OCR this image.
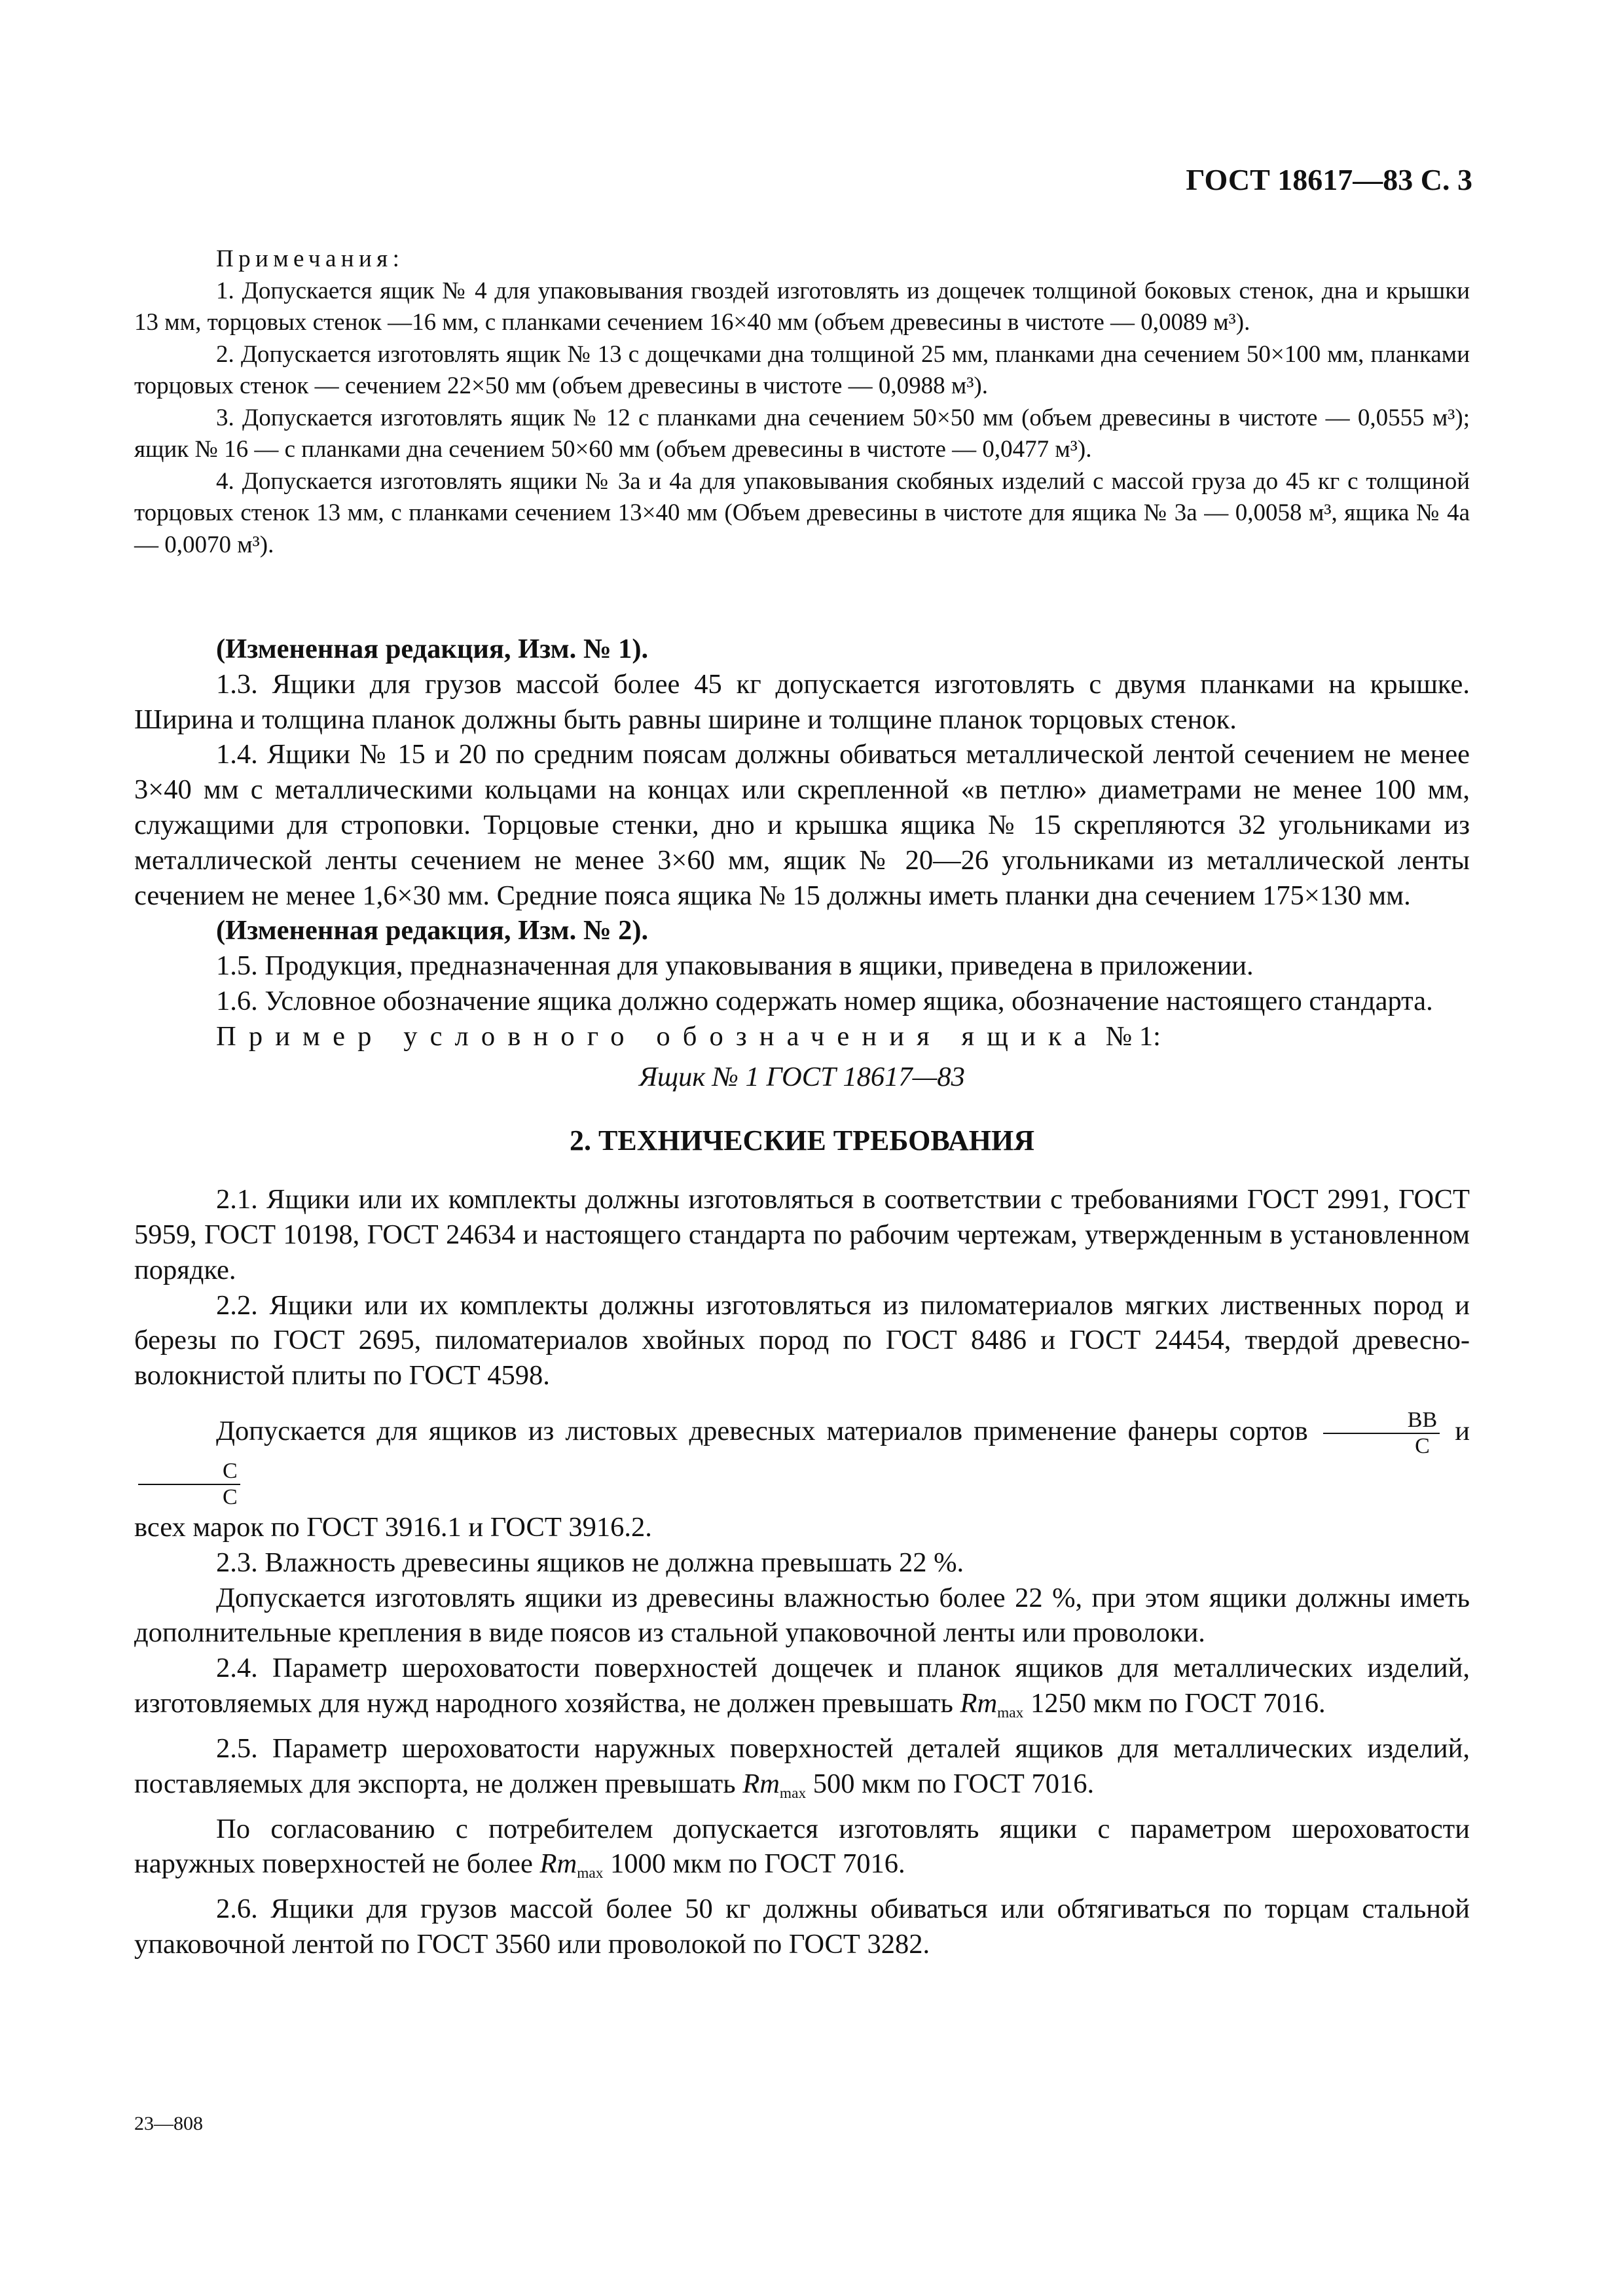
ГОСТ 18617—83 С. 3

Примечания:

1. Допускается ящик № 4 для упаковывания гвоздей изготовлять из дощечек толщиной боковых стенок, дна и крышки 13 мм, торцовых стенок —16 мм, с планками сечением 16×40 мм (объем древесины в чистоте — 0,0089 м³).

2. Допускается изготовлять ящик № 13 с дощечками дна толщиной 25 мм, планками дна сечением 50×100 мм, планками торцовых стенок — сечением 22×50 мм (объем древесины в чистоте — 0,0988 м³).

3. Допускается изготовлять ящик № 12 с планками дна сечением 50×50 мм (объем древесины в чистоте — 0,0555 м³); ящик № 16 — с планками дна сечением 50×60 мм (объем древесины в чистоте — 0,0477 м³).

4. Допускается изготовлять ящики № 3а и 4а для упаковывания скобяных изделий с массой груза до 45 кг с толщиной торцовых стенок 13 мм, с планками сечением 13×40 мм (Объем древесины в чистоте для ящика № 3а — 0,0058 м³, ящика № 4а — 0,0070 м³).

(Измененная редакция, Изм. № 1).

1.3. Ящики для грузов массой более 45 кг допускается изготовлять с двумя планками на крышке. Ширина и толщина планок должны быть равны ширине и толщине планок торцовых стенок.

1.4. Ящики № 15 и 20 по средним поясам должны обиваться металлической лентой сечением не менее 3×40 мм с металлическими кольцами на концах или скрепленной «в петлю» диаметрами не менее 100 мм, служащими для строповки. Торцовые стенки, дно и крышка ящика № 15 скрепляются 32 угольниками из металлической ленты сечением не менее 3×60 мм, ящик № 20—26 угольниками из металлической ленты сечением не менее 1,6×30 мм. Средние пояса ящика № 15 должны иметь планки дна сечением 175×130 мм.

(Измененная редакция, Изм. № 2).

1.5. Продукция, предназначенная для упаковывания в ящики, приведена в приложении.

1.6. Условное обозначение ящика должно содержать номер ящика, обозначение настоящего стандарта.

Пример условного обозначения ящика № 1:

Ящик № 1 ГОСТ 18617—83

2. ТЕХНИЧЕСКИЕ ТРЕБОВАНИЯ

2.1. Ящики или их комплекты должны изготовляться в соответствии с требованиями ГОСТ 2991, ГОСТ 5959, ГОСТ 10198, ГОСТ 24634 и настоящего стандарта по рабочим чертежам, утвержденным в установленном порядке.

2.2. Ящики или их комплекты должны изготовляться из пиломатериалов мягких лиственных пород и березы по ГОСТ 2695, пиломатериалов хвойных пород по ГОСТ 8486 и ГОСТ 24454, твердой древесно-волокнистой плиты по ГОСТ 4598.

Допускается для ящиков из листовых древесных материалов применение фанеры сортов $\frac{ВВ}{С}$ и
$\frac{С}{С}$

всех марок по ГОСТ 3916.1 и ГОСТ 3916.2.

2.3. Влажность древесины ящиков не должна превышать 22 %.

Допускается изготовлять ящики из древесины влажностью более 22 %, при этом ящики должны иметь дополнительные крепления в виде поясов из стальной упаковочной ленты или проволоки.

2.4. Параметр шероховатости поверхностей дощечек и планок ящиков для металлических изделий, изготовляемых для нужд народного хозяйства, не должен превышать $Rm_{max}$ 1250 мкм по ГОСТ 7016.

2.5. Параметр шероховатости наружных поверхностей деталей ящиков для металлических изделий, поставляемых для экспорта, не должен превышать $Rm_{max}$ 500 мкм по ГОСТ 7016.

По согласованию с потребителем допускается изготовлять ящики с параметром шероховатости наружных поверхностей не более $Rm_{max}$ 1000 мкм по ГОСТ 7016.

2.6. Ящики для грузов массой более 50 кг должны обиваться или обтягиваться по торцам стальной упаковочной лентой по ГОСТ 3560 или проволокой по ГОСТ 3282.

23—808
